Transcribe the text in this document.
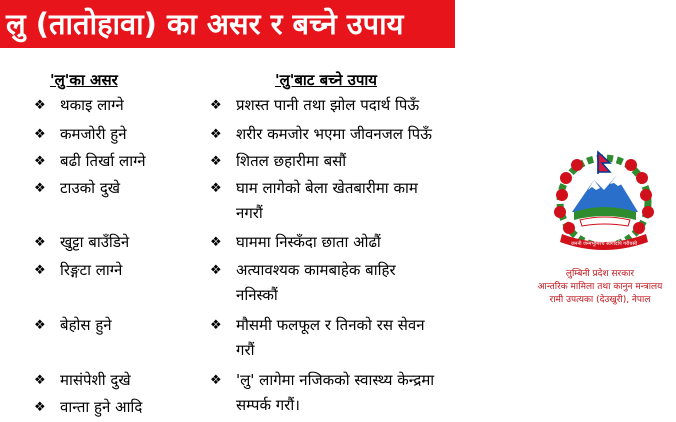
लु (तातोहावा) का असर र बच्ने उपाय
'लु'का असर	'लु'बाट बच्ने उपाय
❖ थकाइ लाग्ने
❖ कमजोरी हुने
❖ बढी तिर्खा लाग्ने
❖ टाउको दुखे
❖ खुट्टा बाउँडिने
❖ रिङ्गटा लाग्ने
❖ बेहोस हुने
❖ मासंपेशी दुखे
❖ वान्ता हुने आदि
❖ प्रशस्त पानी तथा झोल पदार्थ पिऊँ
❖ शरीर कमजोर भएमा जीवनजल पिऊँ
❖ शितल छहारीमा बसौं
❖ घाम लागेको बेला खेतबारीमा काम
नगरौं
❖ घाममा निस्कँदा छाता ओढौं
❖ अत्यावश्यक कामबाहेक बाहिर
ननिस्कौं
❖ मौसमी फलफूल र तिनको रस सेवन
गरौं
❖ 'लु' लागेमा नजिकको स्वास्थ्य केन्द्रमा
सम्पर्क गरौं।
जननी जन्मभूमिश्च स्वर्गादपि गरीयसी
लुम्बिनी प्रदेश सरकार
आन्तरिक मामिला तथा कानुन मन्त्रालय
रामी उपत्यका (देउखुरी), नेपाल
